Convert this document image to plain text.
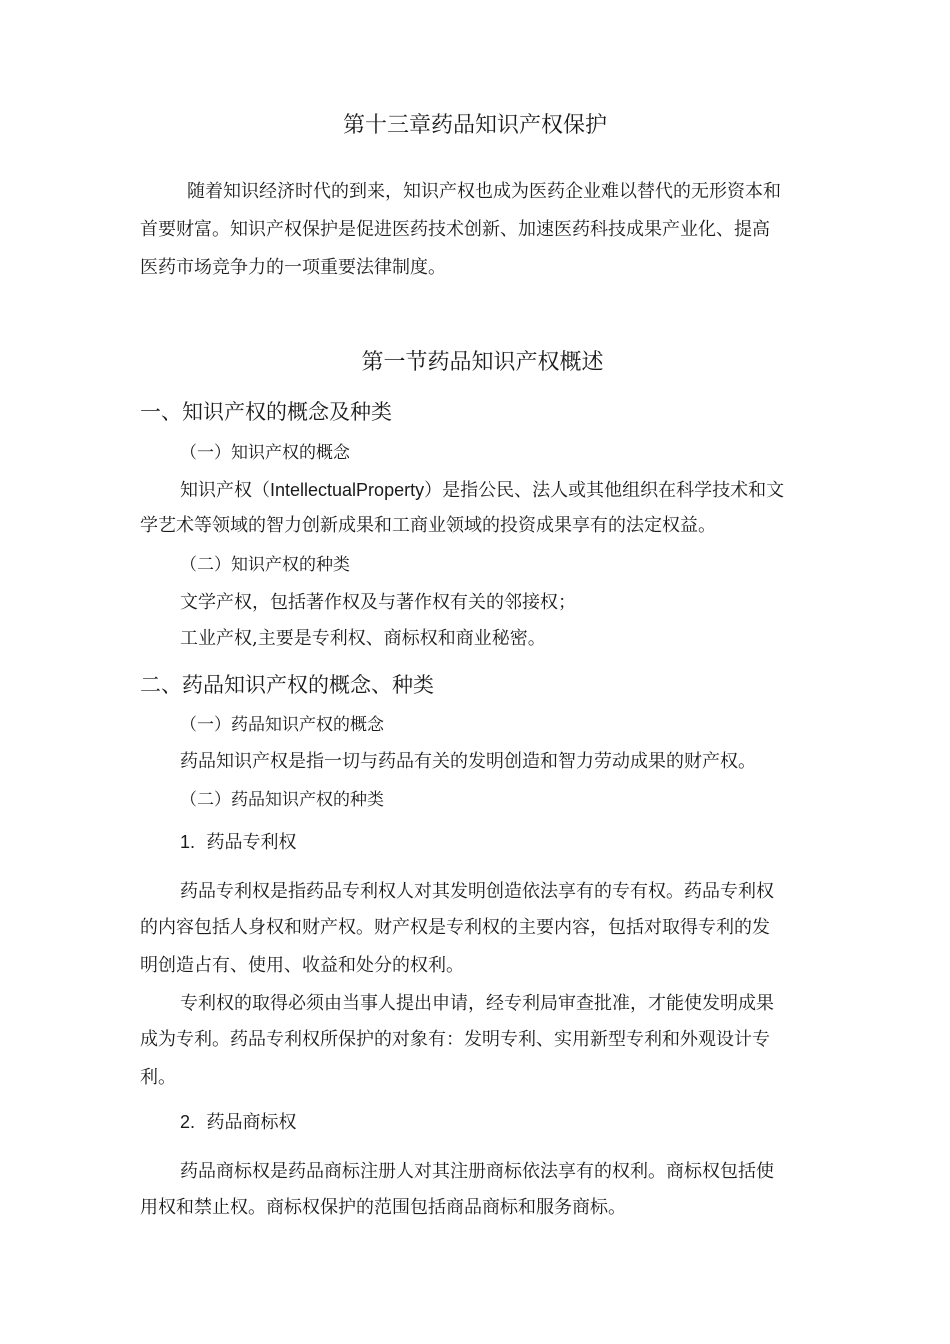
第十三章药品知识产权保护
随着知识经济时代的到来，知识产权也成为医药企业难以替代的无形资本和
首要财富。知识产权保护是促进医药技术创新、加速医药科技成果产业化、提高
医药市场竞争力的一项重要法律制度。
第一节药品知识产权概述
一、知识产权的概念及种类
（一）知识产权的概念
知识产权（IntellectualProperty）是指公民、法人或其他组织在科学技术和文
学艺术等领域的智力创新成果和工商业领域的投资成果享有的法定权益。
（二）知识产权的种类
文学产权，包括著作权及与著作权有关的邻接权；
工业产权,主要是专利权、商标权和商业秘密。
二、药品知识产权的概念、种类
（一）药品知识产权的概念
药品知识产权是指一切与药品有关的发明创造和智力劳动成果的财产权。
（二）药品知识产权的种类
1. 药品专利权
药品专利权是指药品专利权人对其发明创造依法享有的专有权。药品专利权
的内容包括人身权和财产权。财产权是专利权的主要内容，包括对取得专利的发
明创造占有、使用、收益和处分的权利。
专利权的取得必须由当事人提出申请，经专利局审查批准，才能使发明成果
成为专利。药品专利权所保护的对象有：发明专利、实用新型专利和外观设计专
利。
2. 药品商标权
药品商标权是药品商标注册人对其注册商标依法享有的权利。商标权包括使
用权和禁止权。商标权保护的范围包括商品商标和服务商标。
